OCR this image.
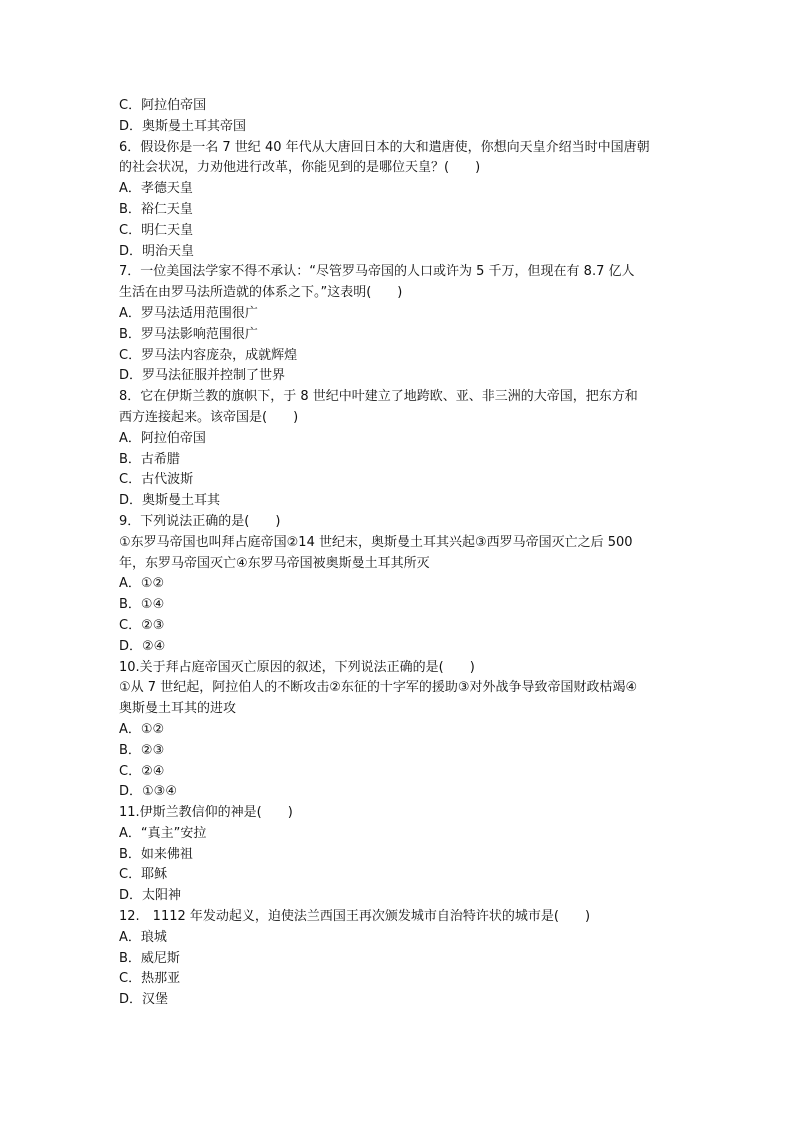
C．阿拉伯帝国
D．奥斯曼土耳其帝国
6．假设你是一名 7 世纪 40 年代从大唐回日本的大和遣唐使，你想向天皇介绍当时中国唐朝
的社会状况，力劝他进行改革，你能见到的是哪位天皇？(　　)
A．孝德天皇
B．裕仁天皇
C．明仁天皇
D．明治天皇
7．一位美国法学家不得不承认：“尽管罗马帝国的人口或许为 5 千万，但现在有 8.7 亿人
生活在由罗马法所造就的体系之下。”这表明(　　)
A．罗马法适用范围很广
B．罗马法影响范围很广
C．罗马法内容庞杂，成就辉煌
D．罗马法征服并控制了世界
8．它在伊斯兰教的旗帜下，于 8 世纪中叶建立了地跨欧、亚、非三洲的大帝国，把东方和
西方连接起来。该帝国是(　　)
A．阿拉伯帝国
B．古希腊
C．古代波斯
D．奥斯曼土耳其
9．下列说法正确的是(　　)
①东罗马帝国也叫拜占庭帝国②14 世纪末，奥斯曼土耳其兴起③西罗马帝国灭亡之后 500
年，东罗马帝国灭亡④东罗马帝国被奥斯曼土耳其所灭
A．①②
B．①④
C．②③
D．②④
10.关于拜占庭帝国灭亡原因的叙述，下列说法正确的是(　　)
①从 7 世纪起，阿拉伯人的不断攻击②东征的十字军的援助③对外战争导致帝国财政枯竭④
奥斯曼土耳其的进攻
A．①②
B．②③
C．②④
D．①③④
11.伊斯兰教信仰的神是(　　)
A．“真主”安拉
B．如来佛祖
C．耶稣
D．太阳神
12.　1112 年发动起义，迫使法兰西国王再次颁发城市自治特许状的城市是(　　)
A．琅城
B．威尼斯
C．热那亚
D．汉堡
